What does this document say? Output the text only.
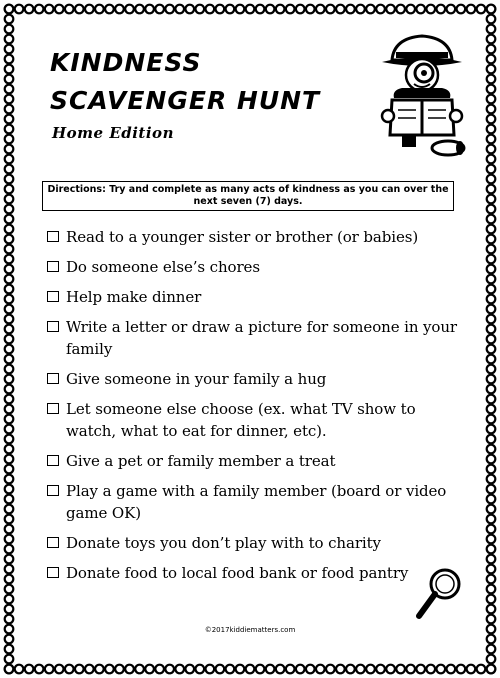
KINDNESS
SCAVENGER HUNT
Home Edition
Directions: Try and complete as many acts of kindness as you can over the next seven (7) days.
Read to a younger sister or brother (or babies)
Do someone else’s chores
Help make dinner
Write a letter or draw a picture for someone in your family
Give someone in your family a hug
Let someone else choose (ex. what TV show to watch, what to eat for dinner, etc).
Give a pet or family member a treat
Play a game with a family member (board or video game OK)
Donate toys you don’t play with to charity
Donate food to local food bank or food pantry
©2017kiddiematters.com
